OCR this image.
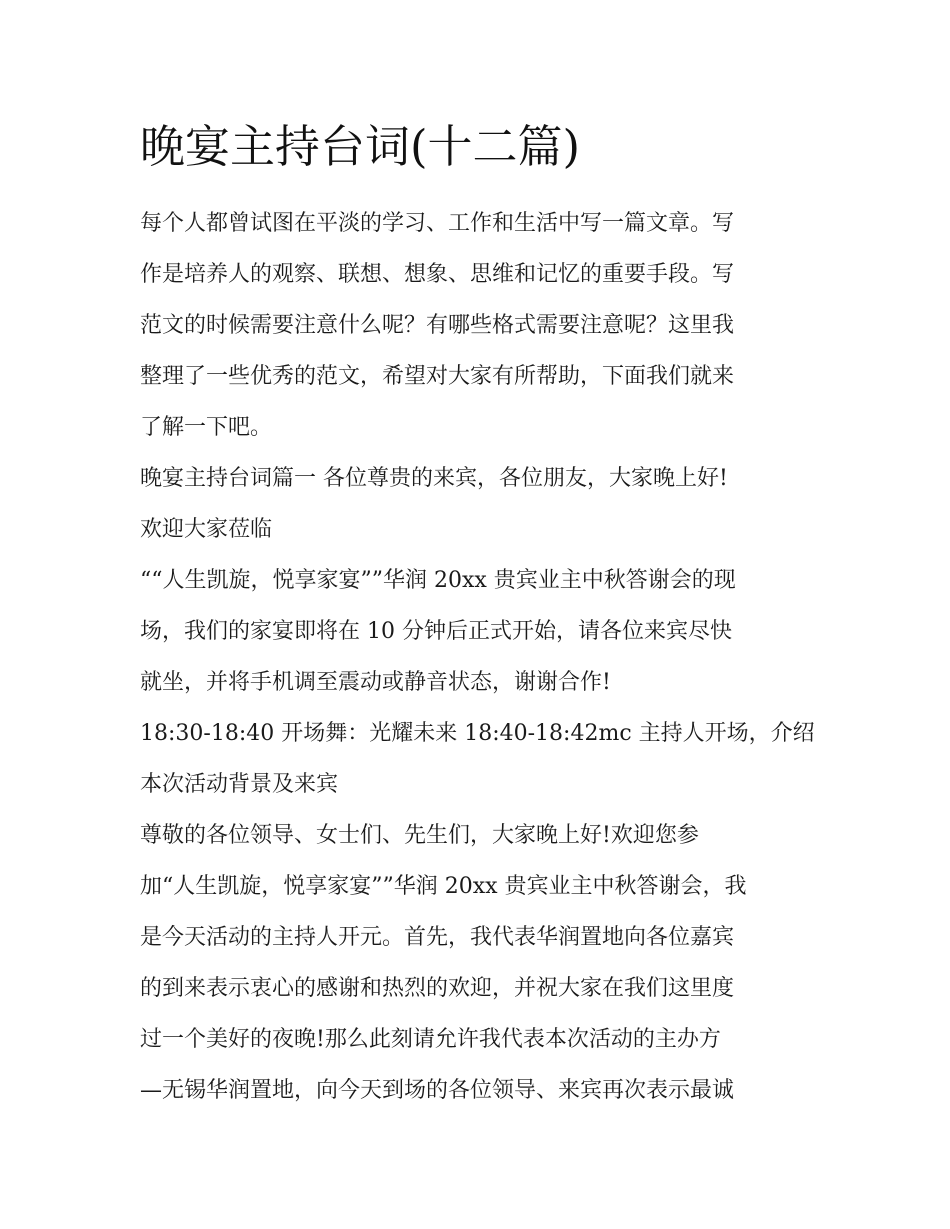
晚宴主持台词(十二篇)
每个人都曾试图在平淡的学习、工作和生活中写一篇文章。写
作是培养人的观察、联想、想象、思维和记忆的重要手段。写
范文的时候需要注意什么呢？有哪些格式需要注意呢？这里我
整理了一些优秀的范文，希望对大家有所帮助，下面我们就来
了解一下吧。
晚宴主持台词篇一 各位尊贵的来宾，各位朋友，大家晚上好!
欢迎大家莅临
““人生凯旋，悦享家宴””华润 20xx 贵宾业主中秋答谢会的现
场，我们的家宴即将在 10 分钟后正式开始，请各位来宾尽快
就坐，并将手机调至震动或静音状态，谢谢合作!
18:30-18:40 开场舞：光耀未来 18:40-18:42mc 主持人开场，介绍
本次活动背景及来宾
尊敬的各位领导、女士们、先生们，大家晚上好!欢迎您参
加“人生凯旋，悦享家宴””华润 20xx 贵宾业主中秋答谢会，我
是今天活动的主持人开元。首先，我代表华润置地向各位嘉宾
的到来表示衷心的感谢和热烈的欢迎，并祝大家在我们这里度
过一个美好的夜晚!那么此刻请允许我代表本次活动的主办方
—无锡华润置地，向今天到场的各位领导、来宾再次表示最诚
